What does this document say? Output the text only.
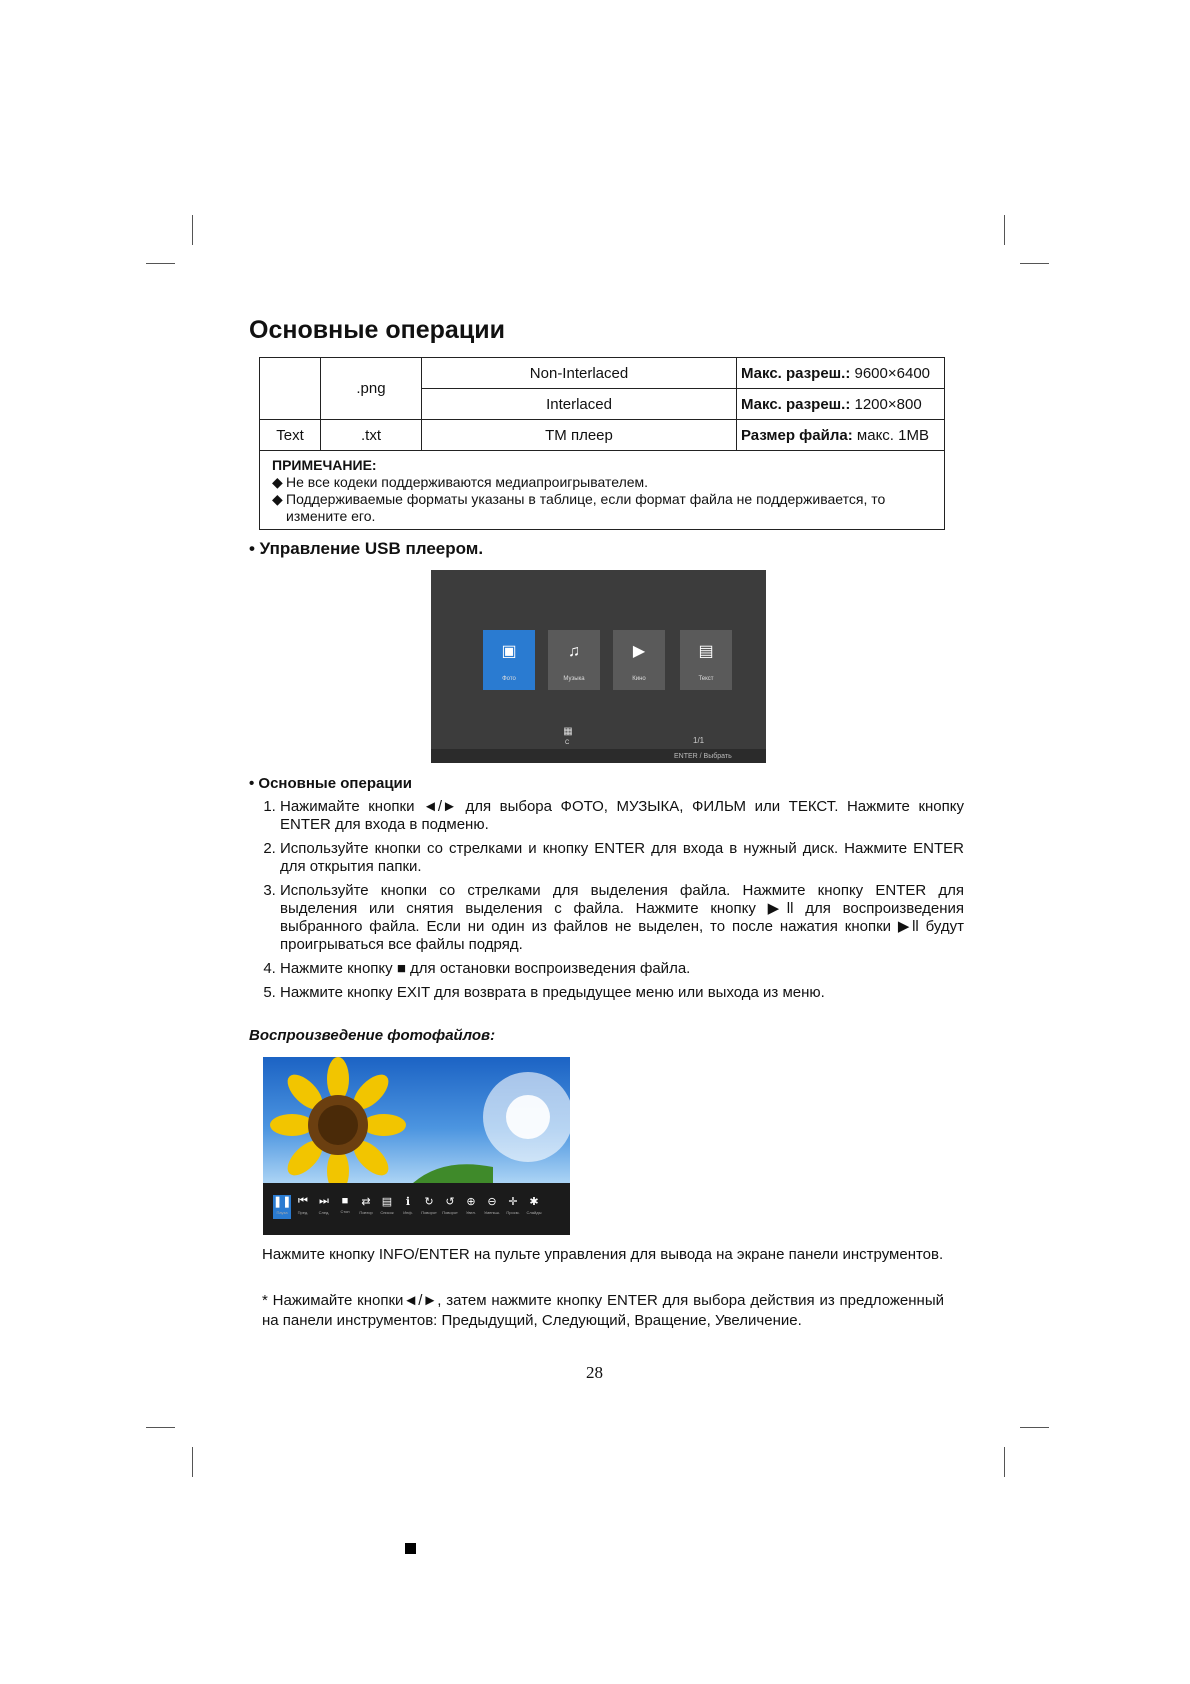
Основные операции
	.png	Non-Interlaced	Макс. разреш.: 9600×6400
		Interlaced	Макс. разреш.: 1200×800
Text	.txt	TM плеер	Размер файла: макс. 1MB

ПРИМЕЧАНИЕ:
◆ Не все кодеки поддерживаются медиапроигрывателем.
◆ Поддерживаемые форматы указаны в таблице, если формат файла не поддерживается, то измените его.			
• Управление USB плеером.
▣
Фото
♫
Музыка
▶
Кино
▤
Текст
▦
C	1/1
ENTER / Выбрать
• Основные операции
1. Нажимайте кнопки ◄/► для выбора ФОТО, МУЗЫКА, ФИЛЬМ или ТЕКСТ. Нажмите кнопку ENTER для входа в подменю.
2. Используйте кнопки со стрелками и кнопку ENTER для входа в нужный диск. Нажмите ENTER для открытия папки.
3. Используйте кнопки со стрелками для выделения файла. Нажмите кнопку ENTER для выделения или снятия выделения с файла. Нажмите кнопку ▶ll для воспроизведения выбранного файла. Если ни один из файлов не выделен, то после нажатия кнопки ▶ll будут проигрываться все файлы подряд.
4. Нажмите кнопку ■ для остановки воспроизведения файла.
5. Нажмите кнопку EXIT для возврата в предыдущее меню или выхода из меню.
Воспроизведение фотофайлов:
❚❚
Пауза
⏮
Пред.
⏭
След.
■
Стоп
⇄
Повтор
▤
Список
ℹ
Инф.
↻
Поворот
↺
Поворот
⊕
Увел.
⊖
Уменьш.
✛
Просм.
✱
Слайды
Нажмите кнопку INFO/ENTER на пульте управления для вывода на экране панели инструментов.
* Нажимайте кнопки◄/►, затем нажмите кнопку ENTER для выбора действия из предложенный на панели инструментов: Предыдущий, Следующий, Вращение, Увеличение.
28
